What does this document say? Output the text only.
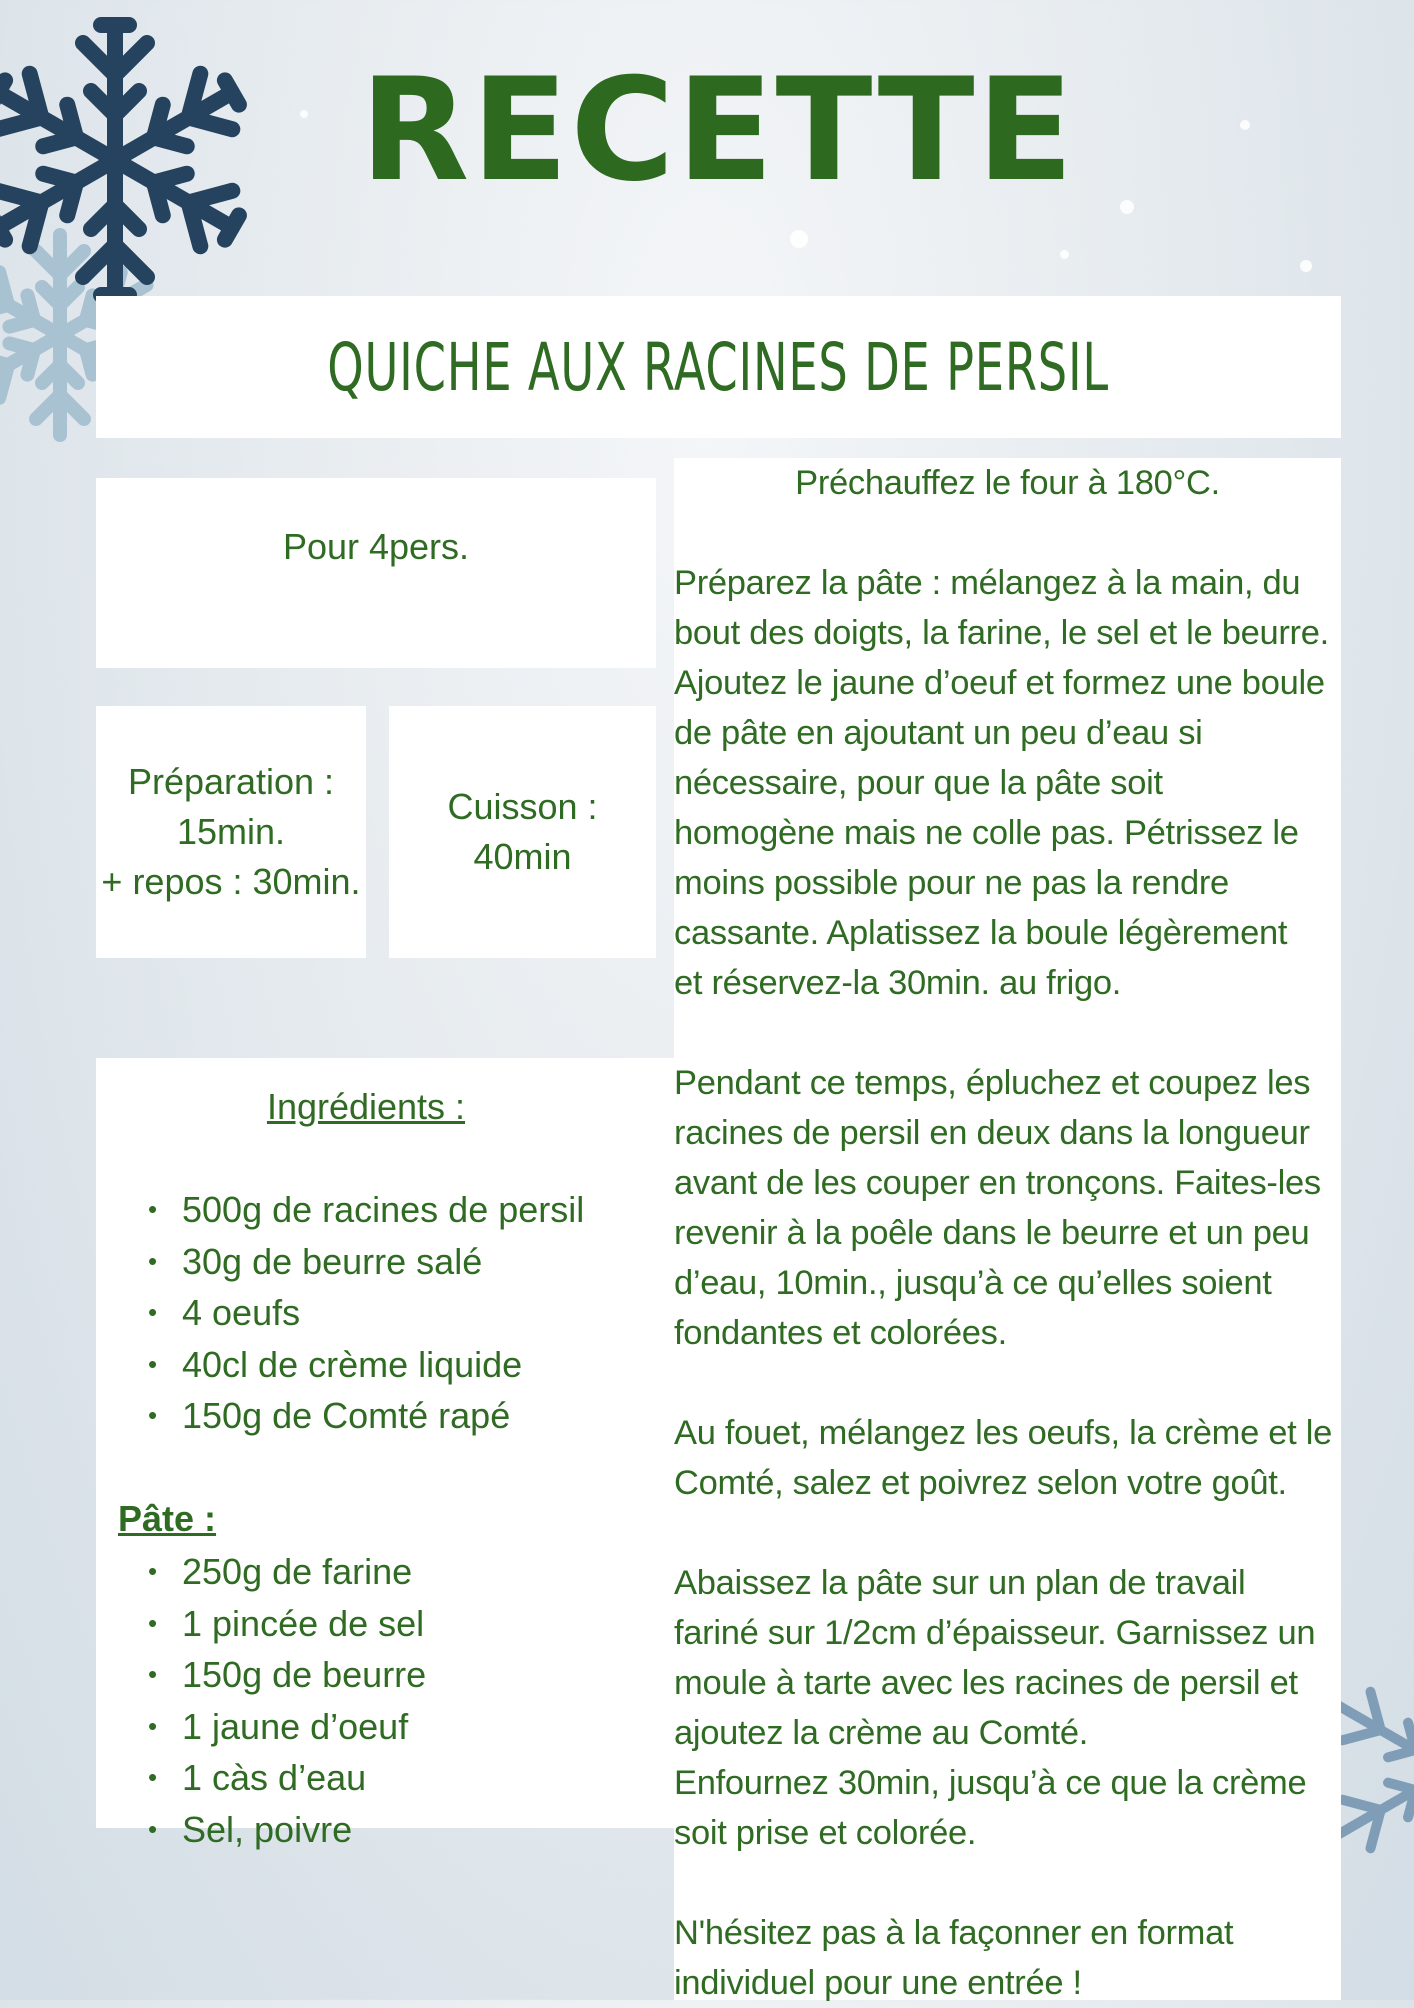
RECETTE
QUICHE AUX RACINES DE PERSIL
Pour 4pers.
Préparation :
15min.
+ repos : 30min.
Cuisson :
40min
Ingrédients :
• 500g de racines de persil
• 30g de beurre salé
• 4 oeufs
• 40cl de crème liquide
• 150g de Comté rapé
Pâte :
• 250g de farine
• 1 pincée de sel
• 150g de beurre
• 1 jaune d’oeuf
• 1 càs d’eau
• Sel, poivre

Préchauffez le four à 180°C.

Préparez la pâte : mélangez à la main, du

bout des doigts, la farine, le sel et le beurre.

Ajoutez le jaune d’oeuf et formez une boule

de pâte en ajoutant un peu d’eau si

nécessaire, pour que la pâte soit

homogène mais ne colle pas. Pétrissez le

moins possible pour ne pas la rendre

cassante. Aplatissez la boule légèrement

et réservez-la 30min. au frigo.

Pendant ce temps, épluchez et coupez les

racines de persil en deux dans la longueur

avant de les couper en tronçons. Faites-les

revenir à la poêle dans le beurre et un peu

d’eau, 10min., jusqu’à ce qu’elles soient

fondantes et colorées.

Au fouet, mélangez les oeufs, la crème et le

Comté, salez et poivrez selon votre goût.

Abaissez la pâte sur un plan de travail

fariné sur 1/2cm d’épaisseur. Garnissez un

moule à tarte avec les racines de persil et

ajoutez la crème au Comté.

Enfournez 30min, jusqu’à ce que la crème

soit prise et colorée.

N'hésitez pas à la façonner en format

individuel pour une entrée !
